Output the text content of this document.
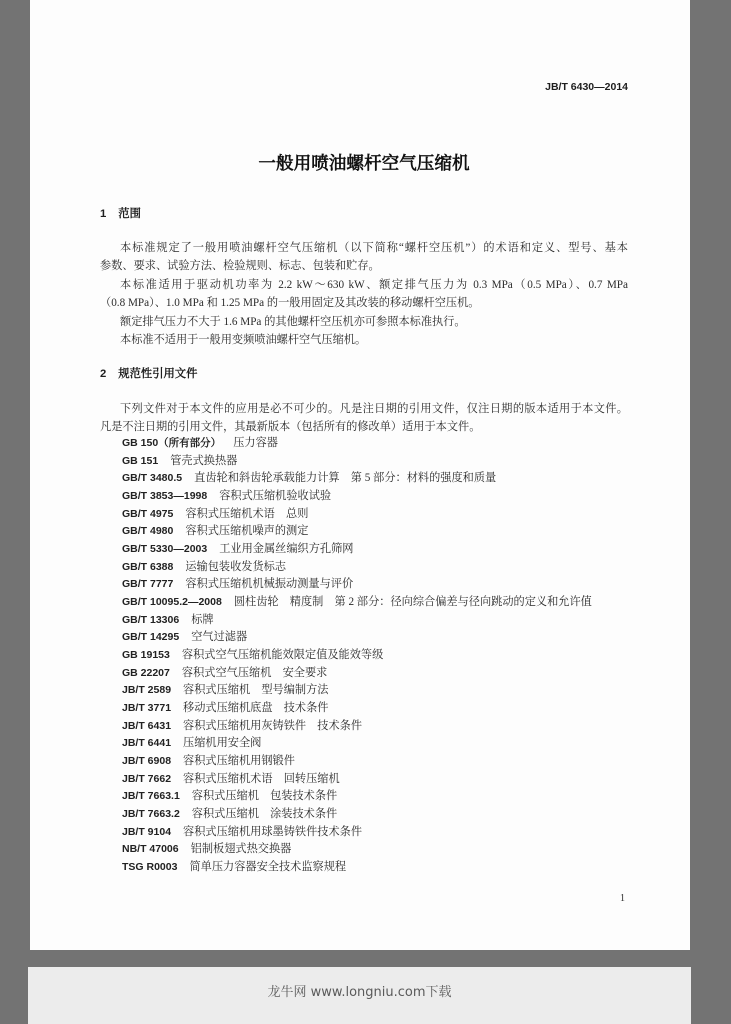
JB/T 6430—2014
一般用喷油螺杆空气压缩机
1 范围
本标准规定了一般用喷油螺杆空气压缩机（以下简称“螺杆空压机”）的术语和定义、型号、基本
参数、要求、试验方法、检验规则、标志、包装和贮存。
本标准适用于驱动机功率为 2.2 kW～630 kW、额定排气压力为 0.3 MPa（0.5 MPa）、0.7 MPa
（0.8 MPa）、1.0 MPa 和 1.25 MPa 的一般用固定及其改装的移动螺杆空压机。
额定排气压力不大于 1.6 MPa 的其他螺杆空压机亦可参照本标准执行。
本标准不适用于一般用变频喷油螺杆空气压缩机。
2 规范性引用文件
下列文件对于本文件的应用是必不可少的。凡是注日期的引用文件，仅注日期的版本适用于本文件。
凡是不注日期的引用文件，其最新版本（包括所有的修改单）适用于本文件。
GB 150（所有部分） 压力容器
GB 151 管壳式换热器
GB/T 3480.5 直齿轮和斜齿轮承载能力计算　第 5 部分：材料的强度和质量
GB/T 3853—1998 容积式压缩机验收试验
GB/T 4975 容积式压缩机术语　总则
GB/T 4980 容积式压缩机噪声的测定
GB/T 5330—2003 工业用金属丝编织方孔筛网
GB/T 6388 运输包装收发货标志
GB/T 7777 容积式压缩机机械振动测量与评价
GB/T 10095.2—2008 圆柱齿轮　精度制　第 2 部分：径向综合偏差与径向跳动的定义和允许值
GB/T 13306 标牌
GB/T 14295 空气过滤器
GB 19153 容积式空气压缩机能效限定值及能效等级
GB 22207 容积式空气压缩机　安全要求
JB/T 2589 容积式压缩机　型号编制方法
JB/T 3771 移动式压缩机底盘　技术条件
JB/T 6431 容积式压缩机用灰铸铁件　技术条件
JB/T 6441 压缩机用安全阀
JB/T 6908 容积式压缩机用钢锻件
JB/T 7662 容积式压缩机术语　回转压缩机
JB/T 7663.1 容积式压缩机　包装技术条件
JB/T 7663.2 容积式压缩机　涂装技术条件
JB/T 9104 容积式压缩机用球墨铸铁件技术条件
NB/T 47006 铝制板翅式热交换器
TSG R0003 简单压力容器安全技术监察规程
1
龙牛网 www.longniu.com下载
